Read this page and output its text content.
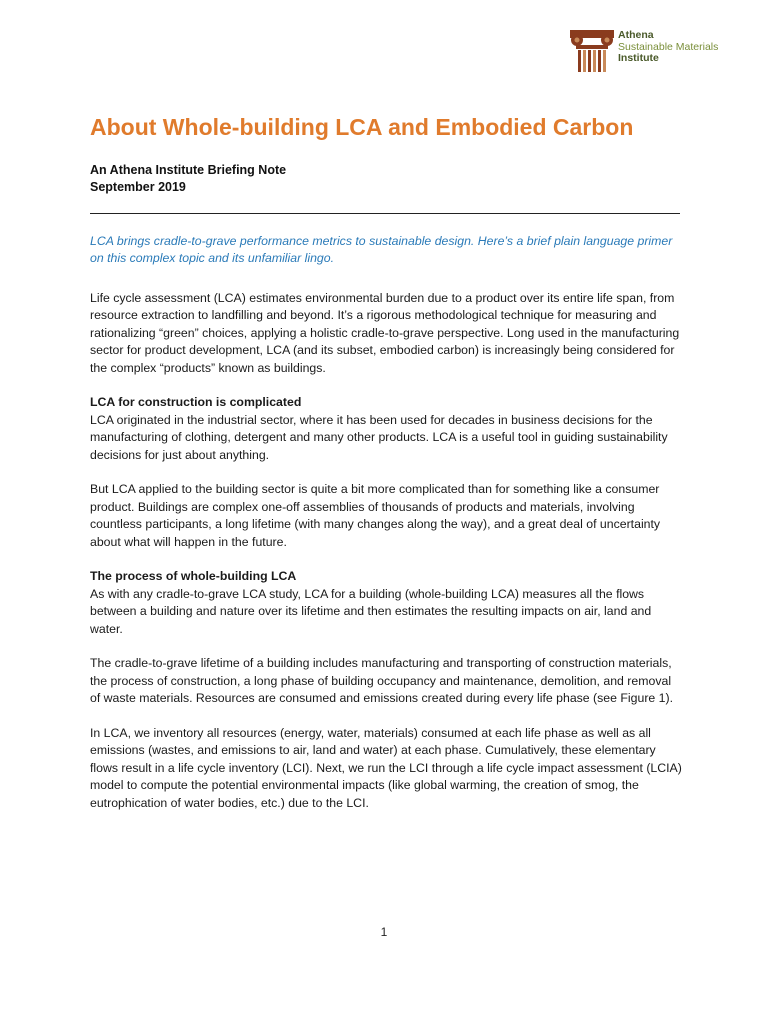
Athena
Sustainable Materials
Institute
About Whole-building LCA and Embodied Carbon
An Athena Institute Briefing Note
September 2019

LCA brings cradle-to-grave performance metrics to sustainable design. Here’s a brief plain language primer on this complex topic and its unfamiliar lingo.

Life cycle assessment (LCA) estimates environmental burden due to a product over its entire life span, from resource extraction to landfilling and beyond. It’s a rigorous methodological technique for measuring and rationalizing “green” choices, applying a holistic cradle-to-grave perspective. Long used in the manufacturing sector for product development, LCA (and its subset, embodied carbon) is increasingly being considered for the complex “products” known as buildings.

LCA for construction is complicated

LCA originated in the industrial sector, where it has been used for decades in business decisions for the manufacturing of clothing, detergent and many other products. LCA is a useful tool in guiding sustainability decisions for just about anything.

But LCA applied to the building sector is quite a bit more complicated than for something like a consumer product. Buildings are complex one-off assemblies of thousands of products and materials, involving countless participants, a long lifetime (with many changes along the way), and a great deal of uncertainty about what will happen in the future.

The process of whole-building LCA

As with any cradle-to-grave LCA study, LCA for a building (whole-building LCA) measures all the flows between a building and nature over its lifetime and then estimates the resulting impacts on air, land and water.

The cradle-to-grave lifetime of a building includes manufacturing and transporting of construction materials, the process of construction, a long phase of building occupancy and maintenance, demolition, and removal of waste materials. Resources are consumed and emissions created during every life phase (see Figure 1).

In LCA, we inventory all resources (energy, water, materials) consumed at each life phase as well as all emissions (wastes, and emissions to air, land and water) at each phase. Cumulatively, these elementary flows result in a life cycle inventory (LCI). Next, we run the LCI through a life cycle impact assessment (LCIA) model to compute the potential environmental impacts (like global warming, the creation of smog, the eutrophication of water bodies, etc.) due to the LCI.

1
